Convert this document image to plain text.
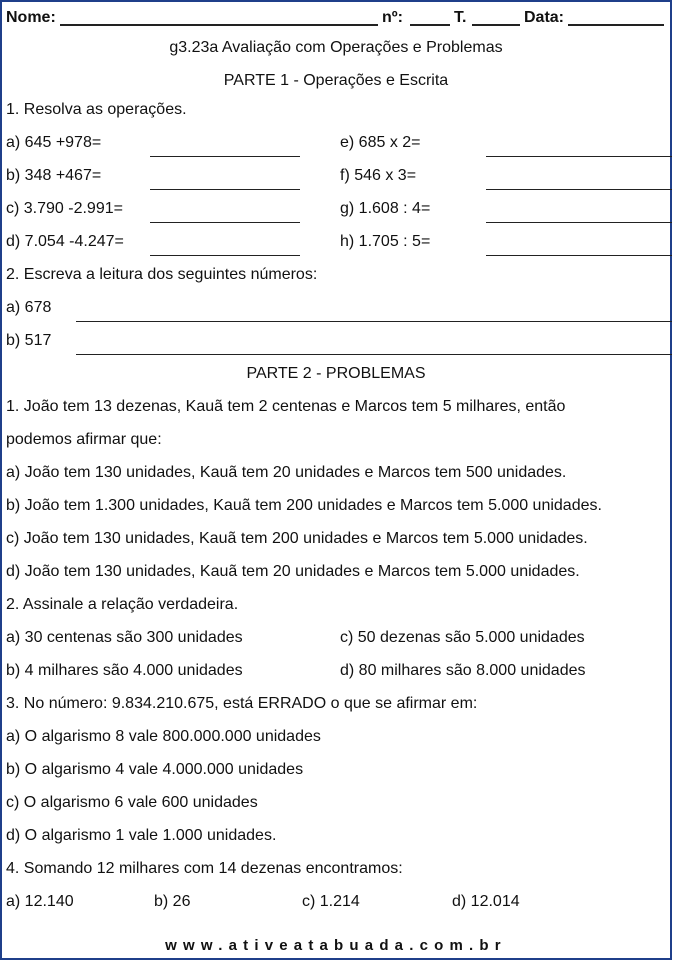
Nome:	nº:	T.	Data:
g3.23a Avaliação com Operações e Problemas
PARTE 1 - Operações e Escrita
1. Resolva as operações.
a) 645 +978=	e) 685 x 2=
b) 348 +467=	f) 546 x 3=
c) 3.790 -2.991=	g) 1.608 : 4=
d) 7.054 -4.247=	h) 1.705 : 5=
2. Escreva a leitura dos seguintes números:
a) 678
b) 517
PARTE 2 - PROBLEMAS
1. João tem 13 dezenas, Kauã tem 2 centenas e Marcos tem 5 milhares, então
podemos afirmar que:
a) João tem 130 unidades, Kauã tem 20 unidades e Marcos tem 500 unidades.
b) João tem 1.300 unidades, Kauã tem 200 unidades e Marcos tem 5.000 unidades.
c) João tem 130 unidades, Kauã tem 200 unidades e Marcos tem 5.000 unidades.
d) João tem 130 unidades, Kauã tem 20 unidades e Marcos tem 5.000 unidades.
2. Assinale a relação verdadeira.
a) 30 centenas são 300 unidades	c) 50 dezenas são 5.000 unidades
b) 4 milhares são 4.000 unidades	d) 80 milhares são 8.000 unidades
3. No número: 9.834.210.675, está ERRADO o que se afirmar em:
a) O algarismo 8 vale 800.000.000 unidades
b) O algarismo 4 vale 4.000.000 unidades
c) O algarismo 6 vale 600 unidades
d) O algarismo 1 vale 1.000 unidades.
4. Somando 12 milhares com 14 dezenas encontramos:
a) 12.140	b) 26	c) 1.214	d) 12.014
www.ativeatabuada.com.br
